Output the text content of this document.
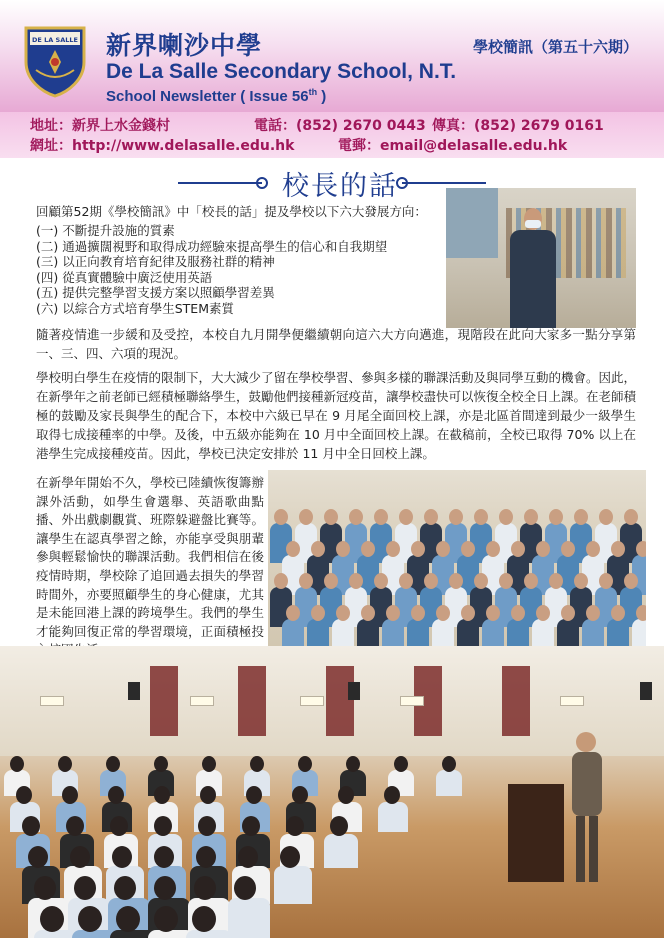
DE LA SALLE 新界喇沙中學
De La Salle Secondary School, N.T.
School Newsletter ( Issue 56th )
學校簡訊（第五十六期）
地址：新界上水金錢村	電話：(852) 2670 0443 傳真：(852) 2679 0161
網址：http://www.delasalle.edu.hk	電郵：email@delasalle.edu.hk
校長的話
回顧第52期《學校簡訊》中「校長的話」提及學校以下六大發展方向：
(一) 不斷提升設施的質素
(二) 通過擴闊視野和取得成功經驗來提高學生的信心和自我期望
(三) 以正向教育培育紀律及服務社群的精神
(四) 從真實體驗中廣泛使用英語
(五) 提供完整學習支援方案以照顧學習差異
(六) 以綜合方式培育學生STEM素質
隨著疫情進一步緩和及受控，本校自九月開學便繼續朝向這六大方向邁進，現階段在此向大家多一點分享第一、三、四、六項的現況。
學校明白學生在疫情的限制下，大大減少了留在學校學習、參與多樣的聯課活動及與同學互動的機會。因此，在新學年之前老師已經積極聯絡學生，鼓勵他們接種新冠疫苗，讓學校盡快可以恢復全校全日上課。在老師積極的鼓勵及家長與學生的配合下，本校中六級已早在 9 月尾全面回校上課，亦是北區首間達到最少一級學生取得七成接種率的中學。及後，中五級亦能夠在 10 月中全面回校上課。在截稿前，全校已取得 70% 以上在港學生完成接種疫苗。因此，學校已決定安排於 11 月中全日回校上課。
在新學年開始不久，學校已陸續恢復籌辦課外活動，如學生會選舉、英語歌曲點播、外出戲劇觀賞、班際躲避盤比賽等。讓學生在認真學習之餘，亦能享受與朋輩參與輕鬆愉快的聯課活動。我們相信在後疫情時期，學校除了追回過去損失的學習時間外，亦要照顧學生的身心健康，尤其是未能回港上課的跨境學生。我們的學生才能夠回復正常的學習環境，正面積極投
